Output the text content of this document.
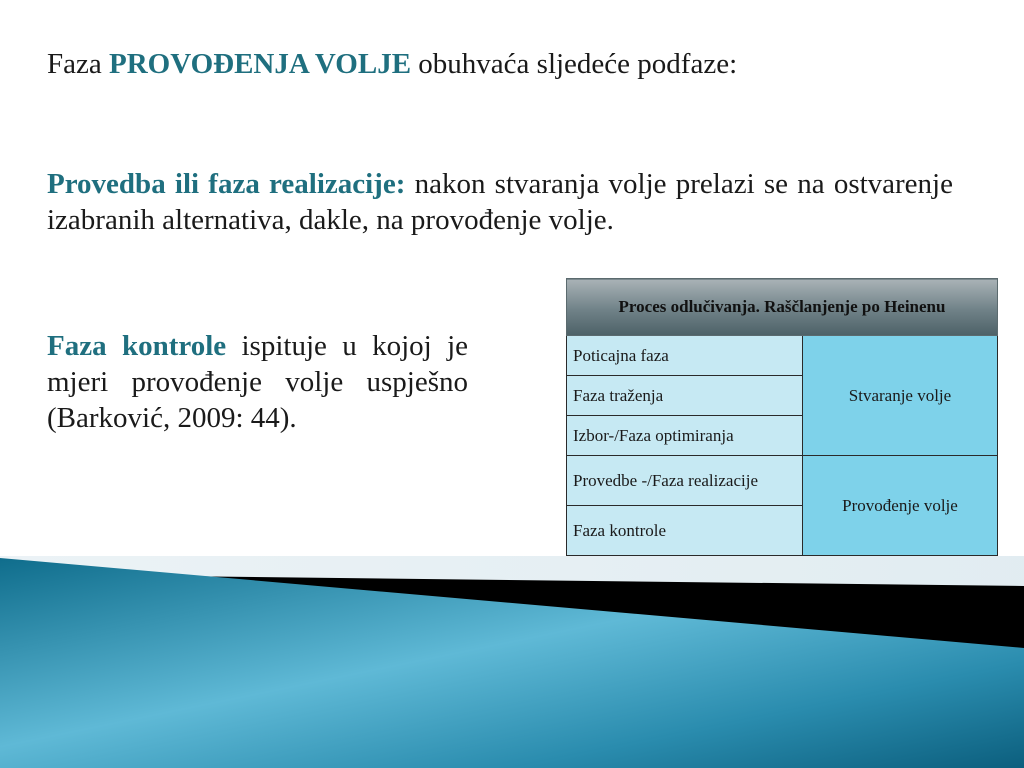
Faza PROVOĐENJA VOLJE obuhvaća sljedeće podfaze:
Provedba ili faza realizacije: nakon stvaranja volje prelazi se na ostvarenje izabranih alternativa, dakle, na provođenje volje.
Faza kontrole ispituje u kojoj je mjeri provođenje volje uspješno (Barković, 2009: 44).
Proces odlučivanja. Raščlanjenje po Heinenu	
Poticajna faza	Stvaranje volje
Faza traženja	
Izbor-/Faza optimiranja	
Provedbe -/Faza realizacije	Provođenje volje
Faza kontrole	
